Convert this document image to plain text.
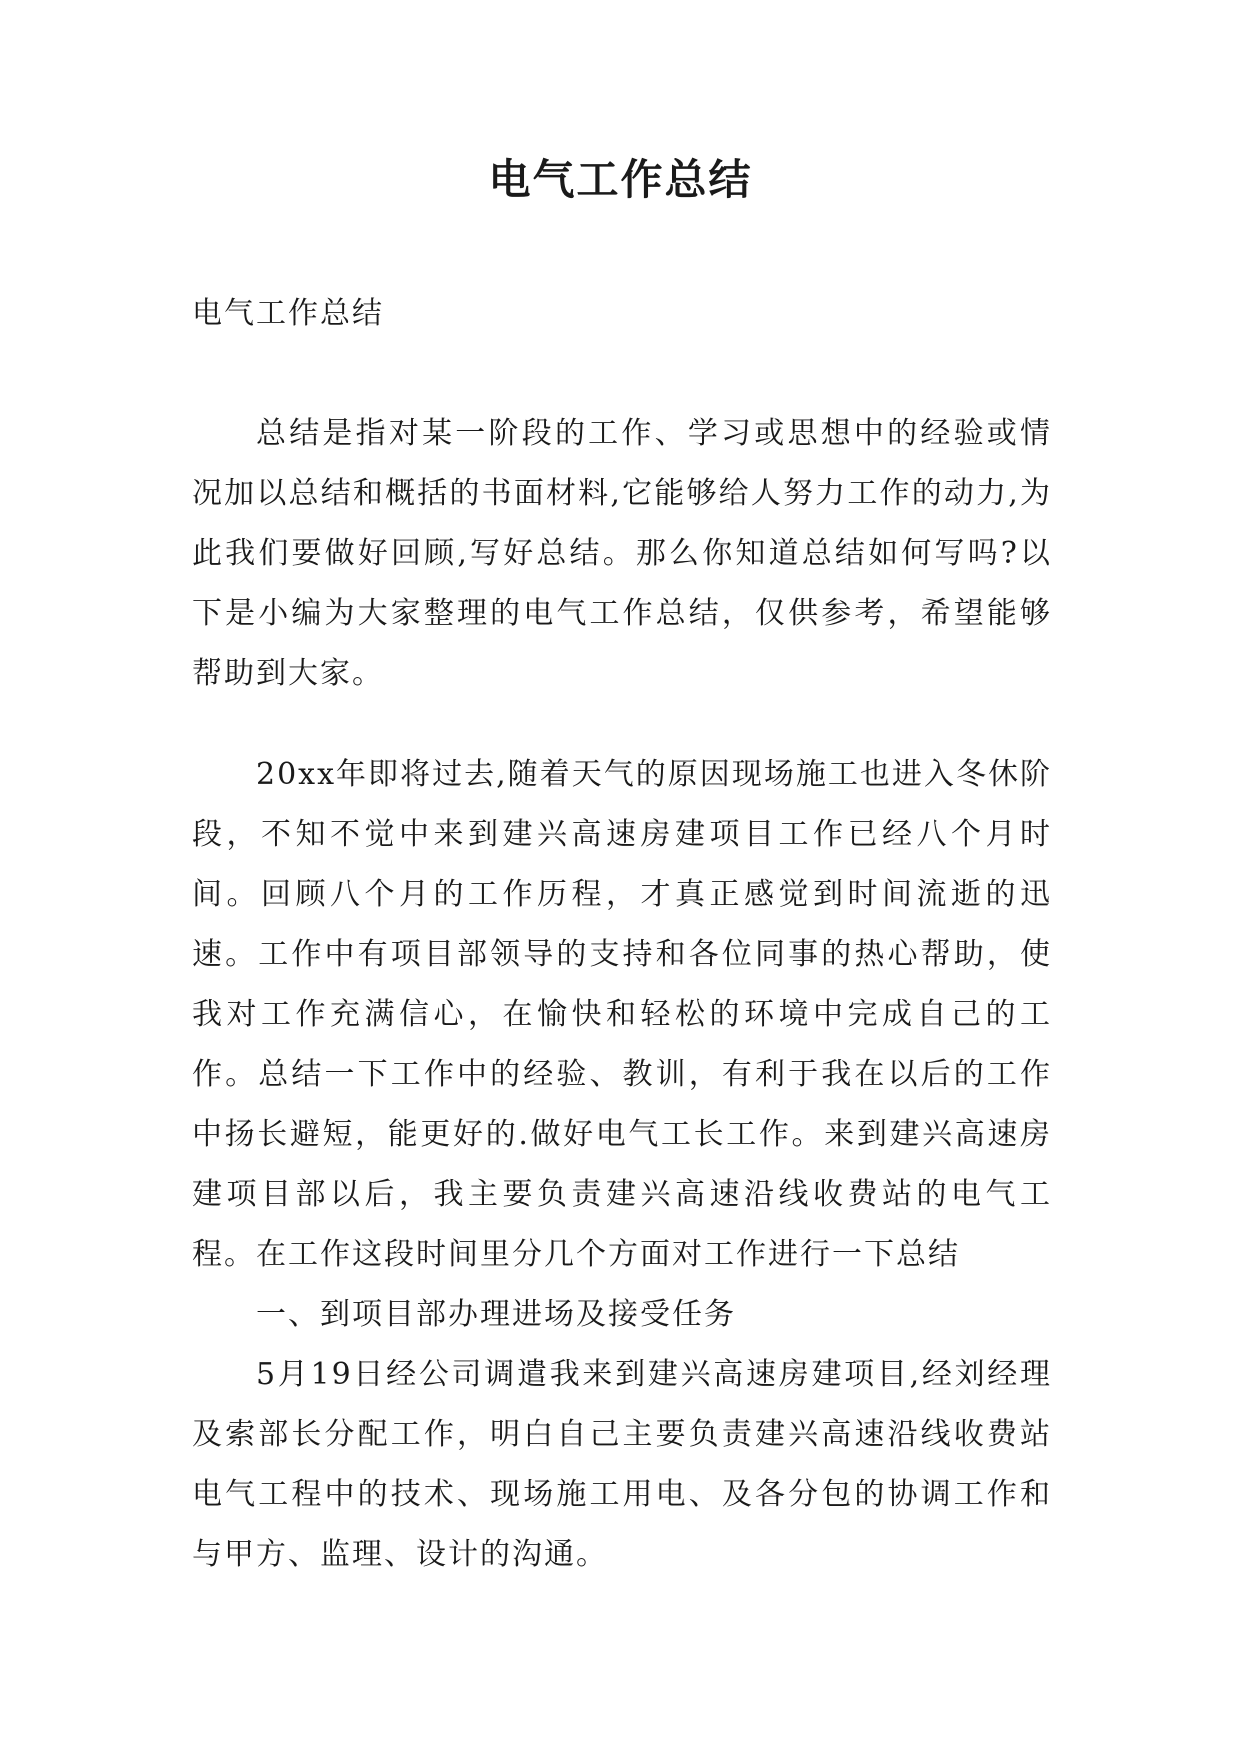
电气工作总结
电气工作总结

总结是指对某一阶段的工作、学习或思想中的经验或情况加以总结和概括的书面材料,它能够给人努力工作的动力,为此我们要做好回顾,写好总结。那么你知道总结如何写吗?以下是小编为大家整理的电气工作总结，仅供参考，希望能够帮助到大家。

20xx年即将过去,随着天气的原因现场施工也进入冬休阶段，不知不觉中来到建兴高速房建项目工作已经八个月时间。回顾八个月的工作历程，才真正感觉到时间流逝的迅速。工作中有项目部领导的支持和各位同事的热心帮助，使我对工作充满信心，在愉快和轻松的环境中完成自己的工作。总结一下工作中的经验、教训，有利于我在以后的工作中扬长避短，能更好的.做好电气工长工作。来到建兴高速房建项目部以后，我主要负责建兴高速沿线收费站的电气工程。 在工作这段时间里分几个方面对工作进行一下总结

一、到项目部办理进场及接受任务

5月19日经公司调遣我来到建兴高速房建项目,经刘经理及索部长分配工作，明白自己主要负责建兴高速沿线收费站电气工程中的技术、现场施工用电、及各分包的协调工作和与甲方、监理、设计的沟通。
